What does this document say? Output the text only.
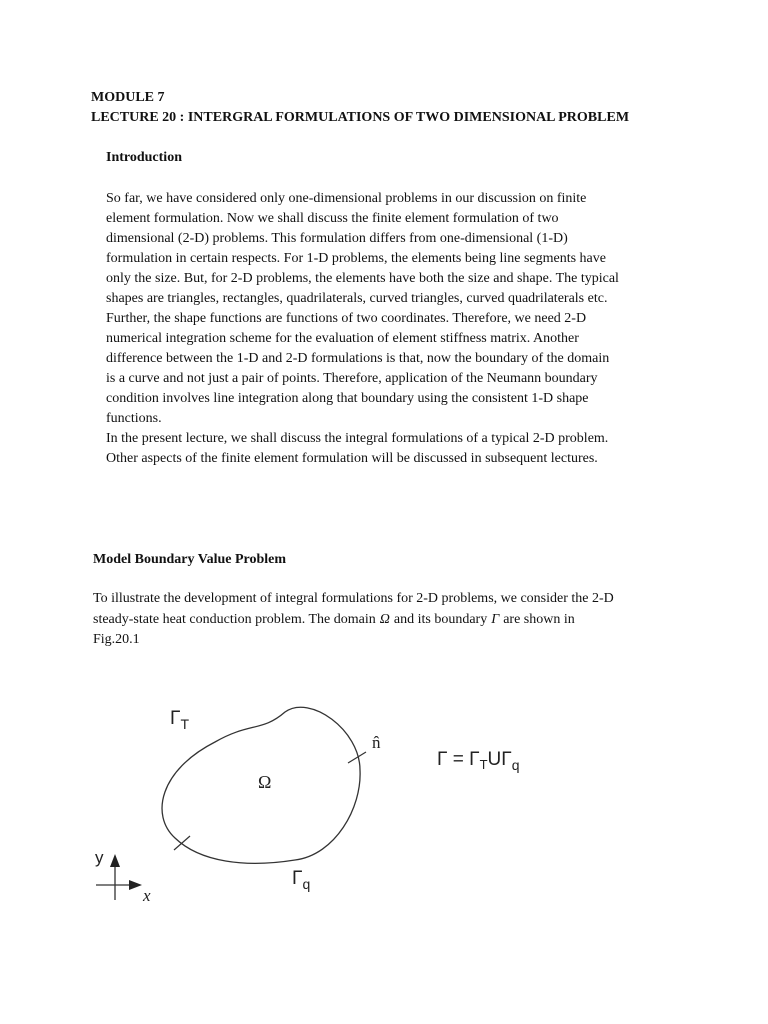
MODULE 7
LECTURE 20 : INTERGRAL FORMULATIONS OF TWO DIMENSIONAL PROBLEM
Introduction

So far, we have considered only one-dimensional problems in our discussion on finite

element formulation. Now we shall discuss the finite element formulation of two

dimensional (2-D) problems. This formulation differs from one-dimensional (1-D)

formulation in certain respects. For 1-D problems, the elements being line segments have

only the size. But, for 2-D problems, the elements have both the size and shape. The typical

shapes are triangles, rectangles, quadrilaterals, curved triangles, curved quadrilaterals etc.

Further, the shape functions are functions of two coordinates. Therefore, we need 2-D

numerical integration scheme for the evaluation of element stiffness matrix. Another

difference between the 1-D and 2-D formulations is that, now the boundary of the domain

is a curve and not just a pair of points. Therefore, application of the Neumann boundary

condition involves line integration along that boundary using the consistent 1-D shape

functions.

In the present lecture, we shall discuss the integral formulations of a typical 2-D problem.

Other aspects of the finite element formulation will be discussed in subsequent lectures.

Model Boundary Value Problem

To illustrate the development of integral formulations for 2-D problems, we consider the 2-D

steady-state heat conduction problem. The domain Ω and its boundary Γ are shown in

Fig.20.1

$\Gamma_T$
Ω
$\Gamma_q$
n̂
$\Gamma = \Gamma_TU\Gamma_q$
y
x
